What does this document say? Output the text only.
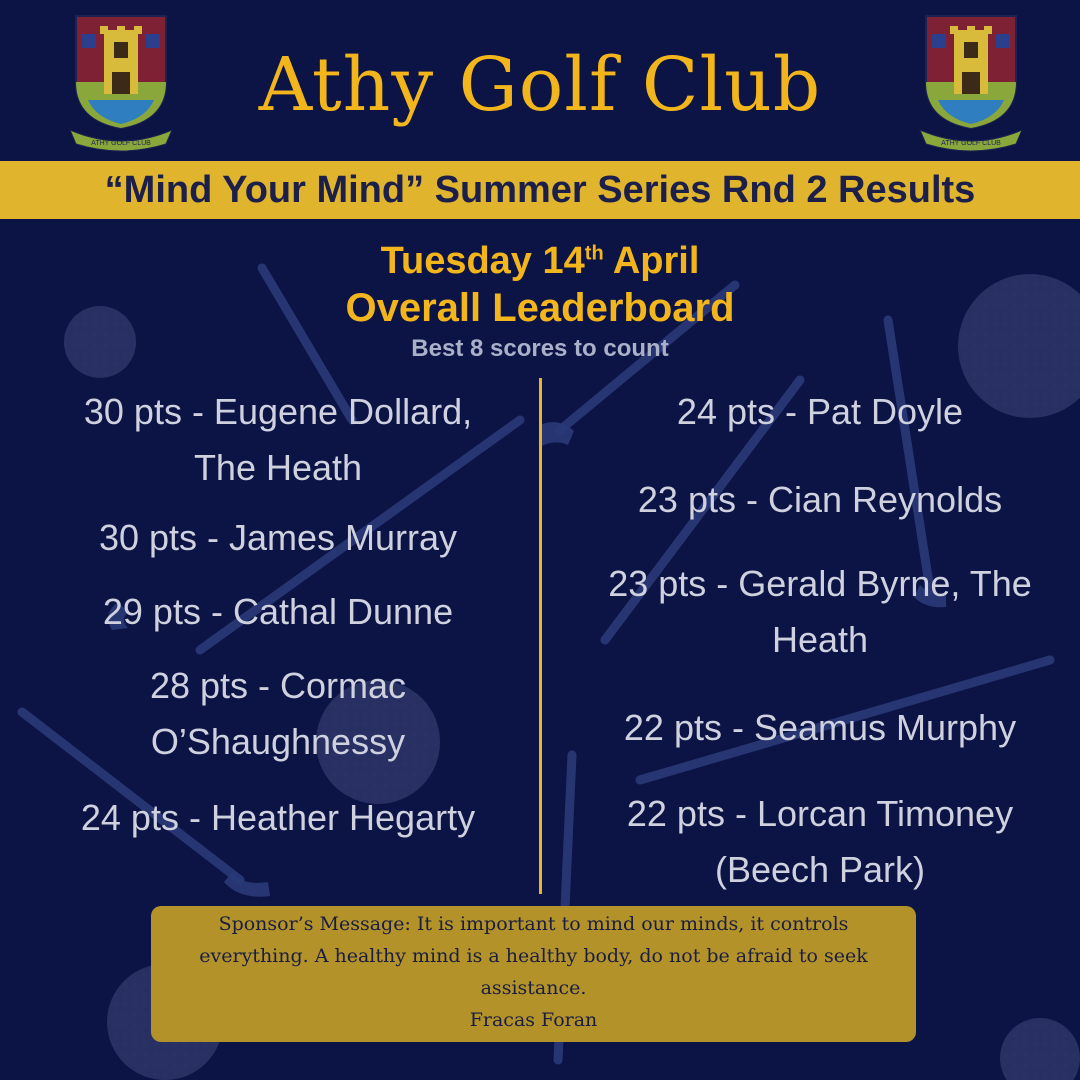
ATHY GOLF CLUB	ATHY GOLF CLUB
Athy Golf Club
“Mind Your Mind” Summer Series Rnd 2 Results
Tuesday 14th April
Overall Leaderboard
Best 8 scores to count
30 pts - Eugene Dollard,
The Heath
30 pts - James Murray
29 pts - Cathal Dunne
28 pts - Cormac
O’Shaughnessy
24 pts - Heather Hegarty
24 pts - Pat Doyle
23 pts - Cian Reynolds
23 pts - Gerald Byrne, The
Heath
22 pts - Seamus Murphy
22 pts - Lorcan Timoney
(Beech Park)

Sponsor’s Message: It is important to mind our minds, it controls everything. A healthy mind is a healthy body, do not be afraid to seek assistance.

Fracas Foran
